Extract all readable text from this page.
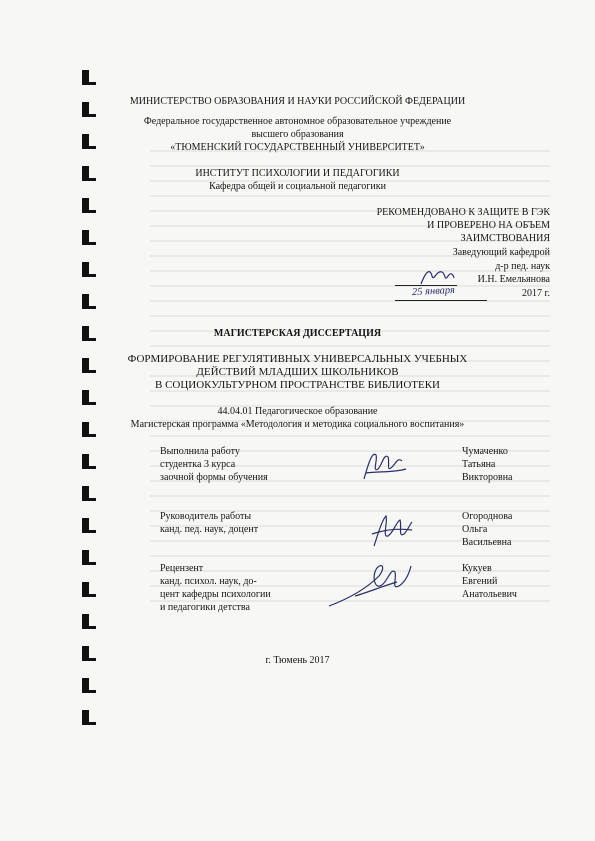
МИНИСТЕРСТВО ОБРАЗОВАНИЯ И НАУКИ РОССИЙСКОЙ ФЕДЕРАЦИИ
Федеральное государственное автономное образовательное учреждение
высшего образования
«ТЮМЕНСКИЙ ГОСУДАРСТВЕННЫЙ УНИВЕРСИТЕТ»
ИНСТИТУТ ПСИХОЛОГИИ И ПЕДАГОГИКИ
Кафедра общей и социальной педагогики
РЕКОМЕНДОВАНО К ЗАЩИТЕ В ГЭК
И ПРОВЕРЕНО НА ОБЪЕМ
ЗАИМСТВОВАНИЯ
Заведующий кафедрой
д-р пед. наук
И.Н. Емельянова
25 января	2017 г.
МАГИСТЕРСКАЯ ДИССЕРТАЦИЯ
ФОРМИРОВАНИЕ РЕГУЛЯТИВНЫХ УНИВЕРСАЛЬНЫХ УЧЕБНЫХ
ДЕЙСТВИЙ МЛАДШИХ ШКОЛЬНИКОВ
В СОЦИОКУЛЬТУРНОМ ПРОСТРАНСТВЕ БИБЛИОТЕКИ
44.04.01 Педагогическое образование
Магистерская программа «Методология и методика социального воспитания»
Выполнила работу
студентка 3 курса
заочной формы обучения
Чумаченко
Татьяна
Викторовна
Руководитель работы
канд. пед. наук, доцент
Огороднова
Ольга
Васильевна
Рецензент
канд. психол. наук, до-
цент кафедры психологии
и педагогики детства
Кукуев
Евгений
Анатольевич
г. Тюмень 2017
